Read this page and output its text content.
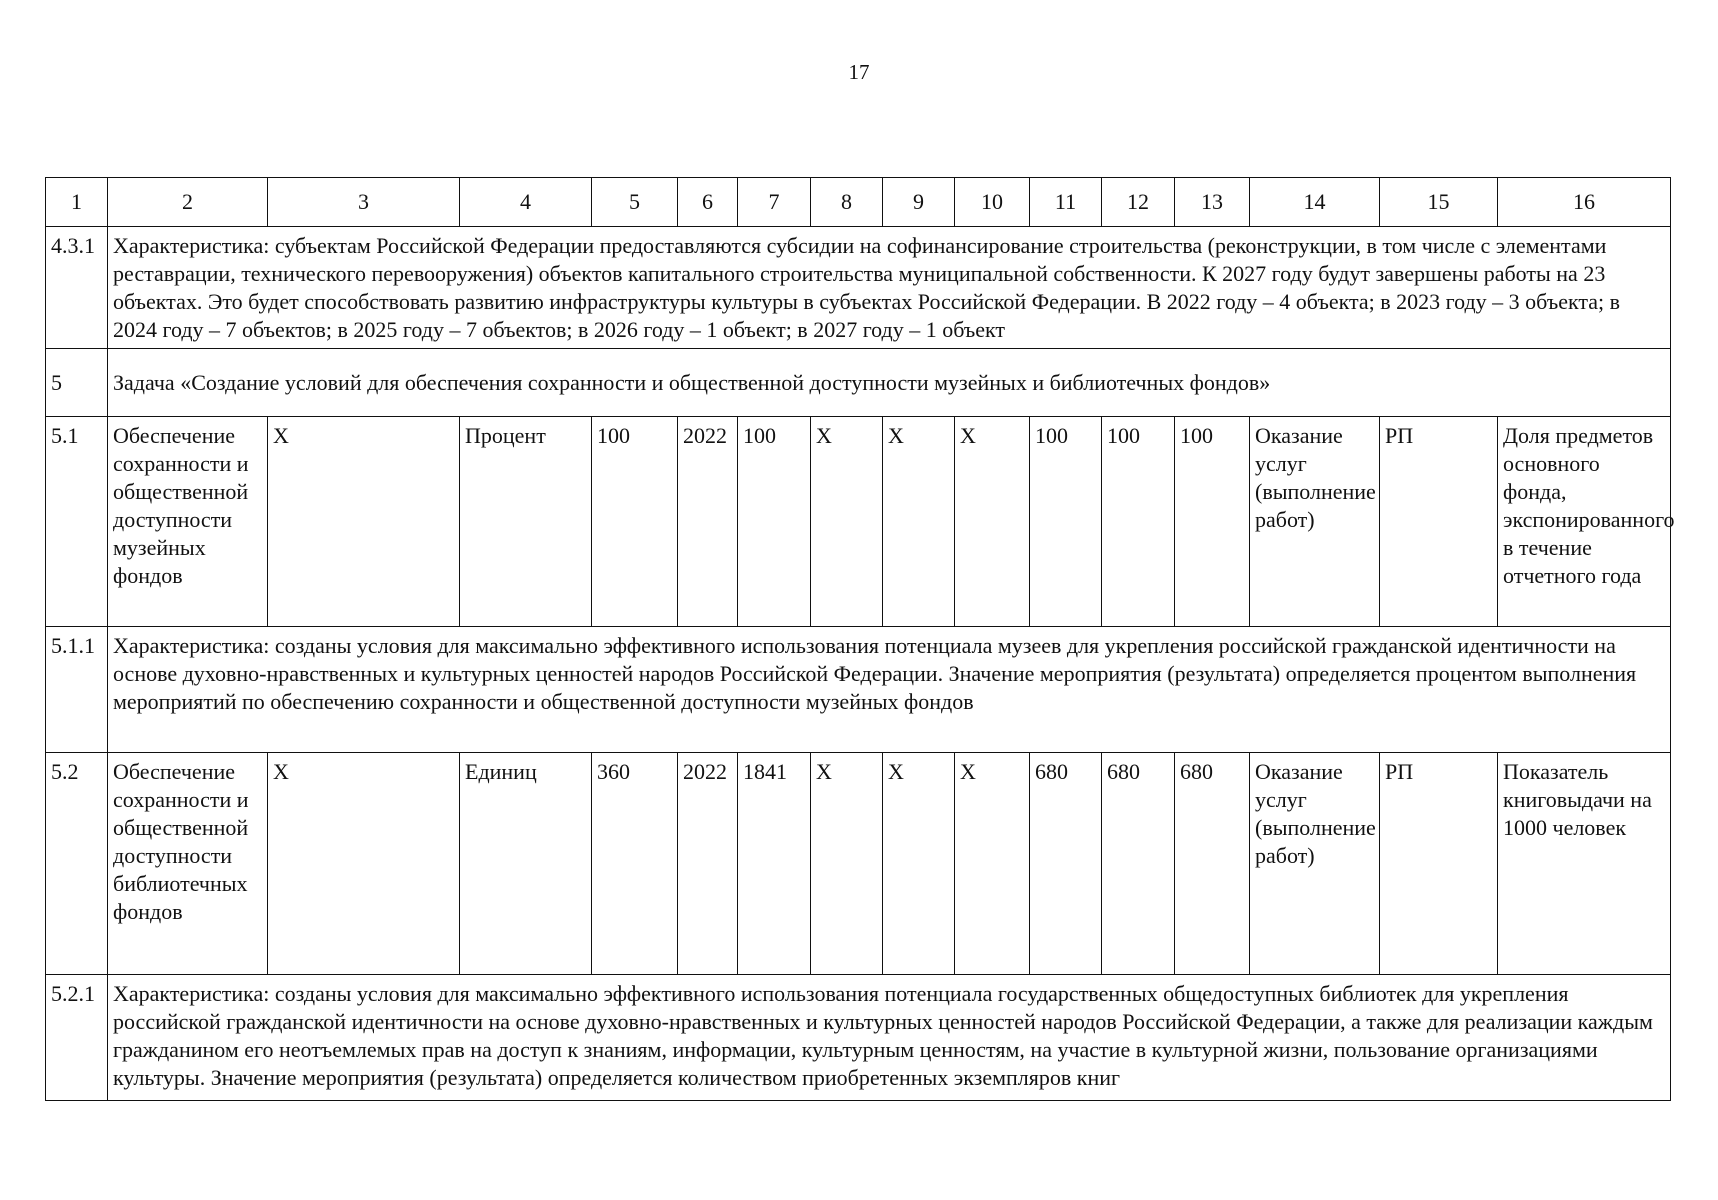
17
1	2	3	4	5	6	7	8	9	10	11	12	13	14	15	16
4.3.1	Характеристика: субъектам Российской Федерации предоставляются субсидии на софинансирование строительства (реконструкции, в том числе с элементами реставрации, технического перевооружения) объектов капитального строительства муниципальной собственности. К 2027 году будут завершены работы на 23 объектах. Это будет способствовать развитию инфраструктуры культуры в субъектах Российской Федерации. В 2022 году – 4 объекта; в 2023 году – 3 объекта; в 2024 году – 7 объектов; в 2025 году – 7 объектов; в 2026 году – 1 объект; в 2027 году – 1 объект														
5	Задача «Создание условий для обеспечения сохранности и общественной доступности музейных и библиотечных фондов»														
5.1	Обеспечение сохранности и общественной доступности музейных фондов	Х	Процент	100	2022	100	Х	Х	Х	100	100	100	Оказание услуг (выполнение работ)	РП	Доля предметов основного фонда, экспонированного в течение отчетного года
5.1.1	Характеристика: созданы условия для максимально эффективного использования потенциала музеев для укрепления российской гражданской идентичности на основе духовно-нравственных и культурных ценностей народов Российской Федерации. Значение мероприятия (результата) определяется процентом выполнения мероприятий по обеспечению сохранности и общественной доступности музейных фондов														
5.2	Обеспечение сохранности и общественной доступности библиотечных фондов	Х	Единиц	360	2022	1841	Х	Х	Х	680	680	680	Оказание услуг (выполнение работ)	РП	Показатель книговыдачи на 1000 человек
5.2.1	Характеристика: созданы условия для максимально эффективного использования потенциала государственных общедоступных библиотек для укрепления российской гражданской идентичности на основе духовно-нравственных и культурных ценностей народов Российской Федерации, а также для реализации каждым гражданином его неотъемлемых прав на доступ к знаниям, информации, культурным ценностям, на участие в культурной жизни, пользование организациями культуры. Значение мероприятия (результата) определяется количеством приобретенных экземпляров книг														
